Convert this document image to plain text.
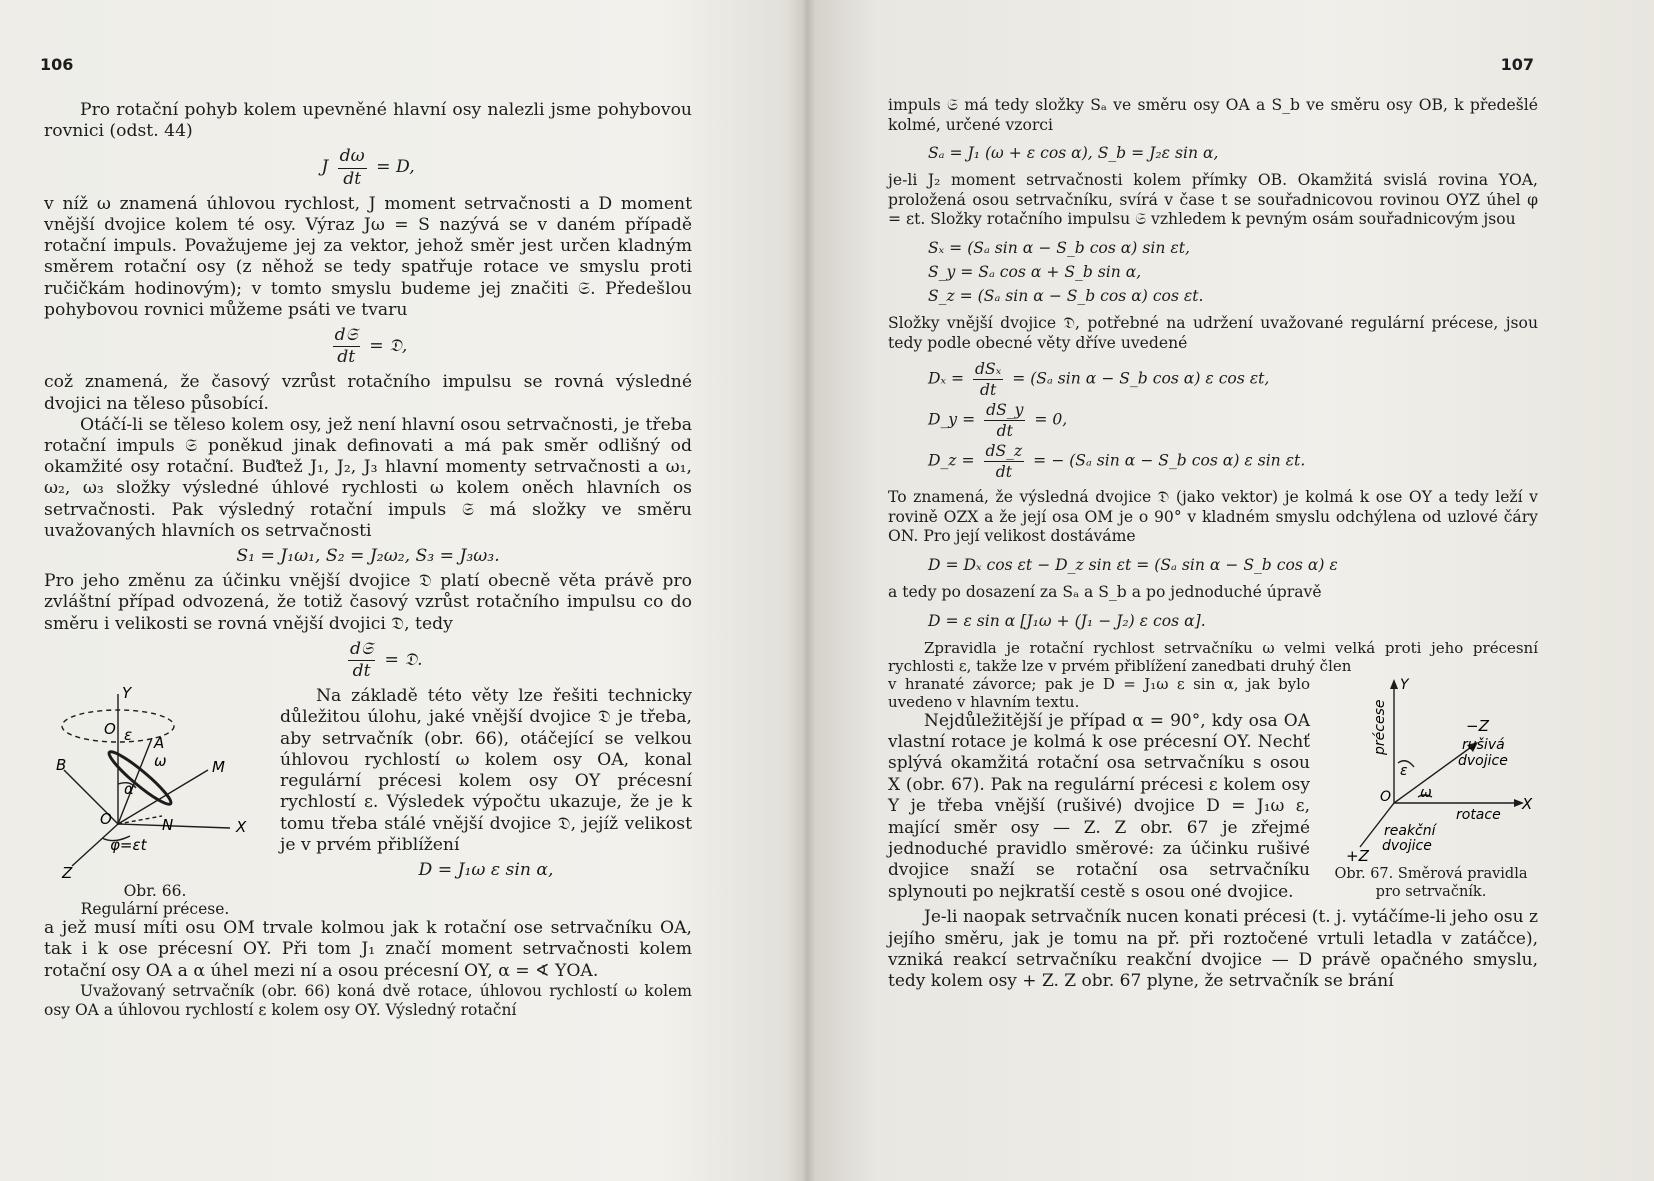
106

Pro rotační pohyb kolem upevněné hlavní osy nalezli jsme pohybovou rovnici (odst. 44)

J $\frac{d\omega}{dt} = D$,

v níž ω znamená úhlovou rychlost, J moment setrvačnosti a D moment vnější dvojice kolem té osy. Výraz Jω = S nazývá se v daném případě rotační impuls. Považujeme jej za vektor, jehož směr jest určen kladným směrem rotační osy (z něhož se tedy spatřuje rotace ve smyslu proti ručičkám hodinovým); v tomto smyslu budeme jej značiti 𝔖. Předešlou pohybovou rovnici můžeme psáti ve tvaru

$\frac{\text{d𝔖}}{dt}$ = 𝔇,

což znamená, že časový vzrůst rotačního impulsu se rovná výsledné dvojici na těleso působící.

Otáčí-li se těleso kolem osy, jež není hlavní osou setrvačnosti, je třeba rotační impuls 𝔖 poněkud jinak definovati a má pak směr odlišný od okamžité osy rotační. Buďtež J₁, J₂, J₃ hlavní momenty setrvačnosti a ω₁, ω₂, ω₃ složky výsledné úhlové rychlosti ω kolem oněch hlavních os setrvačnosti. Pak výsledný rotační impuls 𝔖 má složky ve směru uvažovaných hlavních os setrvačnosti

S₁ = J₁ω₁, S₂ = J₂ω₂, S₃ = J₃ω₃.

Pro jeho změnu za účinku vnější dvojice 𝔇 platí obecně věta právě pro zvláštní případ odvozená, že totiž časový vzrůst rotačního impulsu co do směru i velikosti se rovná vnější dvojici 𝔇, tedy

$\frac{\text{d𝔖}}{dt}$ = 𝔇.
Y
O ε A
ω
B	M
α
O	N	X
φ=εt
Z
Obr. 66.
Regulární précese.

Na základě této věty lze řešiti technicky důležitou úlohu, jaké vnější dvojice 𝔇 je třeba, aby setrvačník (obr. 66), otáčející se velkou úhlovou rychlostí ω kolem osy OA, konal regulární précesi kolem osy OY précesní rychlostí ε. Výsledek výpočtu ukazuje, že je k tomu třeba stálé vnější dvojice 𝔇, jejíž velikost je v prvém přiblížení

D = J₁ω ε sin α,

a jež musí míti osu OM trvale kolmou jak k rotační ose setrvačníku OA, tak i k ose précesní OY. Při tom J₁ značí moment setrvačnosti kolem rotační osy OA a α úhel mezi ní a osou précesní OY, α = ∢ YOA.

Uvažovaný setrvačník (obr. 66) koná dvě rotace, úhlovou rychlostí ω kolem osy OA a úhlovou rychlostí ε kolem osy OY. Výsledný rotační

107

impuls 𝔖 má tedy složky Sₐ ve směru osy OA a S_b ve směru osy OB, k předešlé kolmé, určené vzorci

Sₐ = J₁ (ω + ε cos α), S_b = J₂ε sin α,

je-li J₂ moment setrvačnosti kolem přímky OB. Okamžitá svislá rovina YOA, proložená osou setrvačníku, svírá v čase t se souřadnicovou rovinou OYZ úhel φ = εt. Složky rotačního impulsu 𝔖 vzhledem k pevným osám souřadnicovým jsou

Sₓ = (Sₐ sin α − S_b cos α) sin εt,
S_y = Sₐ cos α + S_b sin α,
S_z = (Sₐ sin α − S_b cos α) cos εt.

Složky vnější dvojice 𝔇, potřebné na udržení uvažované regulární précese, jsou tedy podle obecné věty dříve uvedené

$D_x = \frac{\text{dSₓ}}{dt} = (S_a$ sin α − S_b cos α) ε cos εt,
D_y = $\frac{dS\_y}{dt} = 0$,
D_z = $\frac{dS\_z}{dt}$ = − (Sₐ sin α − S_b cos α) ε sin εt.

To znamená, že výsledná dvojice 𝔇 (jako vektor) je kolmá k ose OY a tedy leží v rovině OZX a že její osa OM je o 90° v kladném smyslu odchýlena od uzlové čáry ON. Pro její velikost dostáváme

D = Dₓ cos εt − D_z sin εt = (Sₐ sin α − S_b cos α) ε

a tedy po dosazení za Sₐ a S_b a po jednoduché úpravě

D = ε sin α [J₁ω + (J₁ − J₂) ε cos α].

Zpravidla je rotační rychlost setrvačníku ω velmi velká proti jeho précesní rychlosti ε, takže lze v prvém přiblížení zanedbati druhý člen

v hranaté závorce; pak je D = J₁ω ε sin α, jak bylo uvedeno v hlavním textu.

Nejdůležitější je případ α = 90°, kdy osa OA vlastní rotace je kolmá k ose précesní OY. Nechť splývá okamžitá rotační osa setrvačníku s osou X (obr. 67). Pak na regulární précesi ε kolem osy Y je třeba vnější (rušivé) dvojice D = J₁ω ε, mající směr osy — Z. Z obr. 67 je zřejmé jednoduché pravidlo směrové: za účinku rušivé dvojice snaží se rotační osa setrvačníku splynouti po nejkratší cestě s osou oné dvojice.

Y
précese	−Z
rušivá
dvojice
ε
O ω
rotace
X
reakční
dvojice
+Z
Obr. 67. Směrová pravidla
pro setrvačník.

Je-li naopak setrvačník nucen konati précesi (t. j. vytáčíme-li jeho osu z jejího směru, jak je tomu na př. při roztočené vrtuli letadla v zatáčce), vzniká reakcí setrvačníku reakční dvojice — D právě opačného smyslu, tedy kolem osy + Z. Z obr. 67 plyne, že setrvačník se brání
